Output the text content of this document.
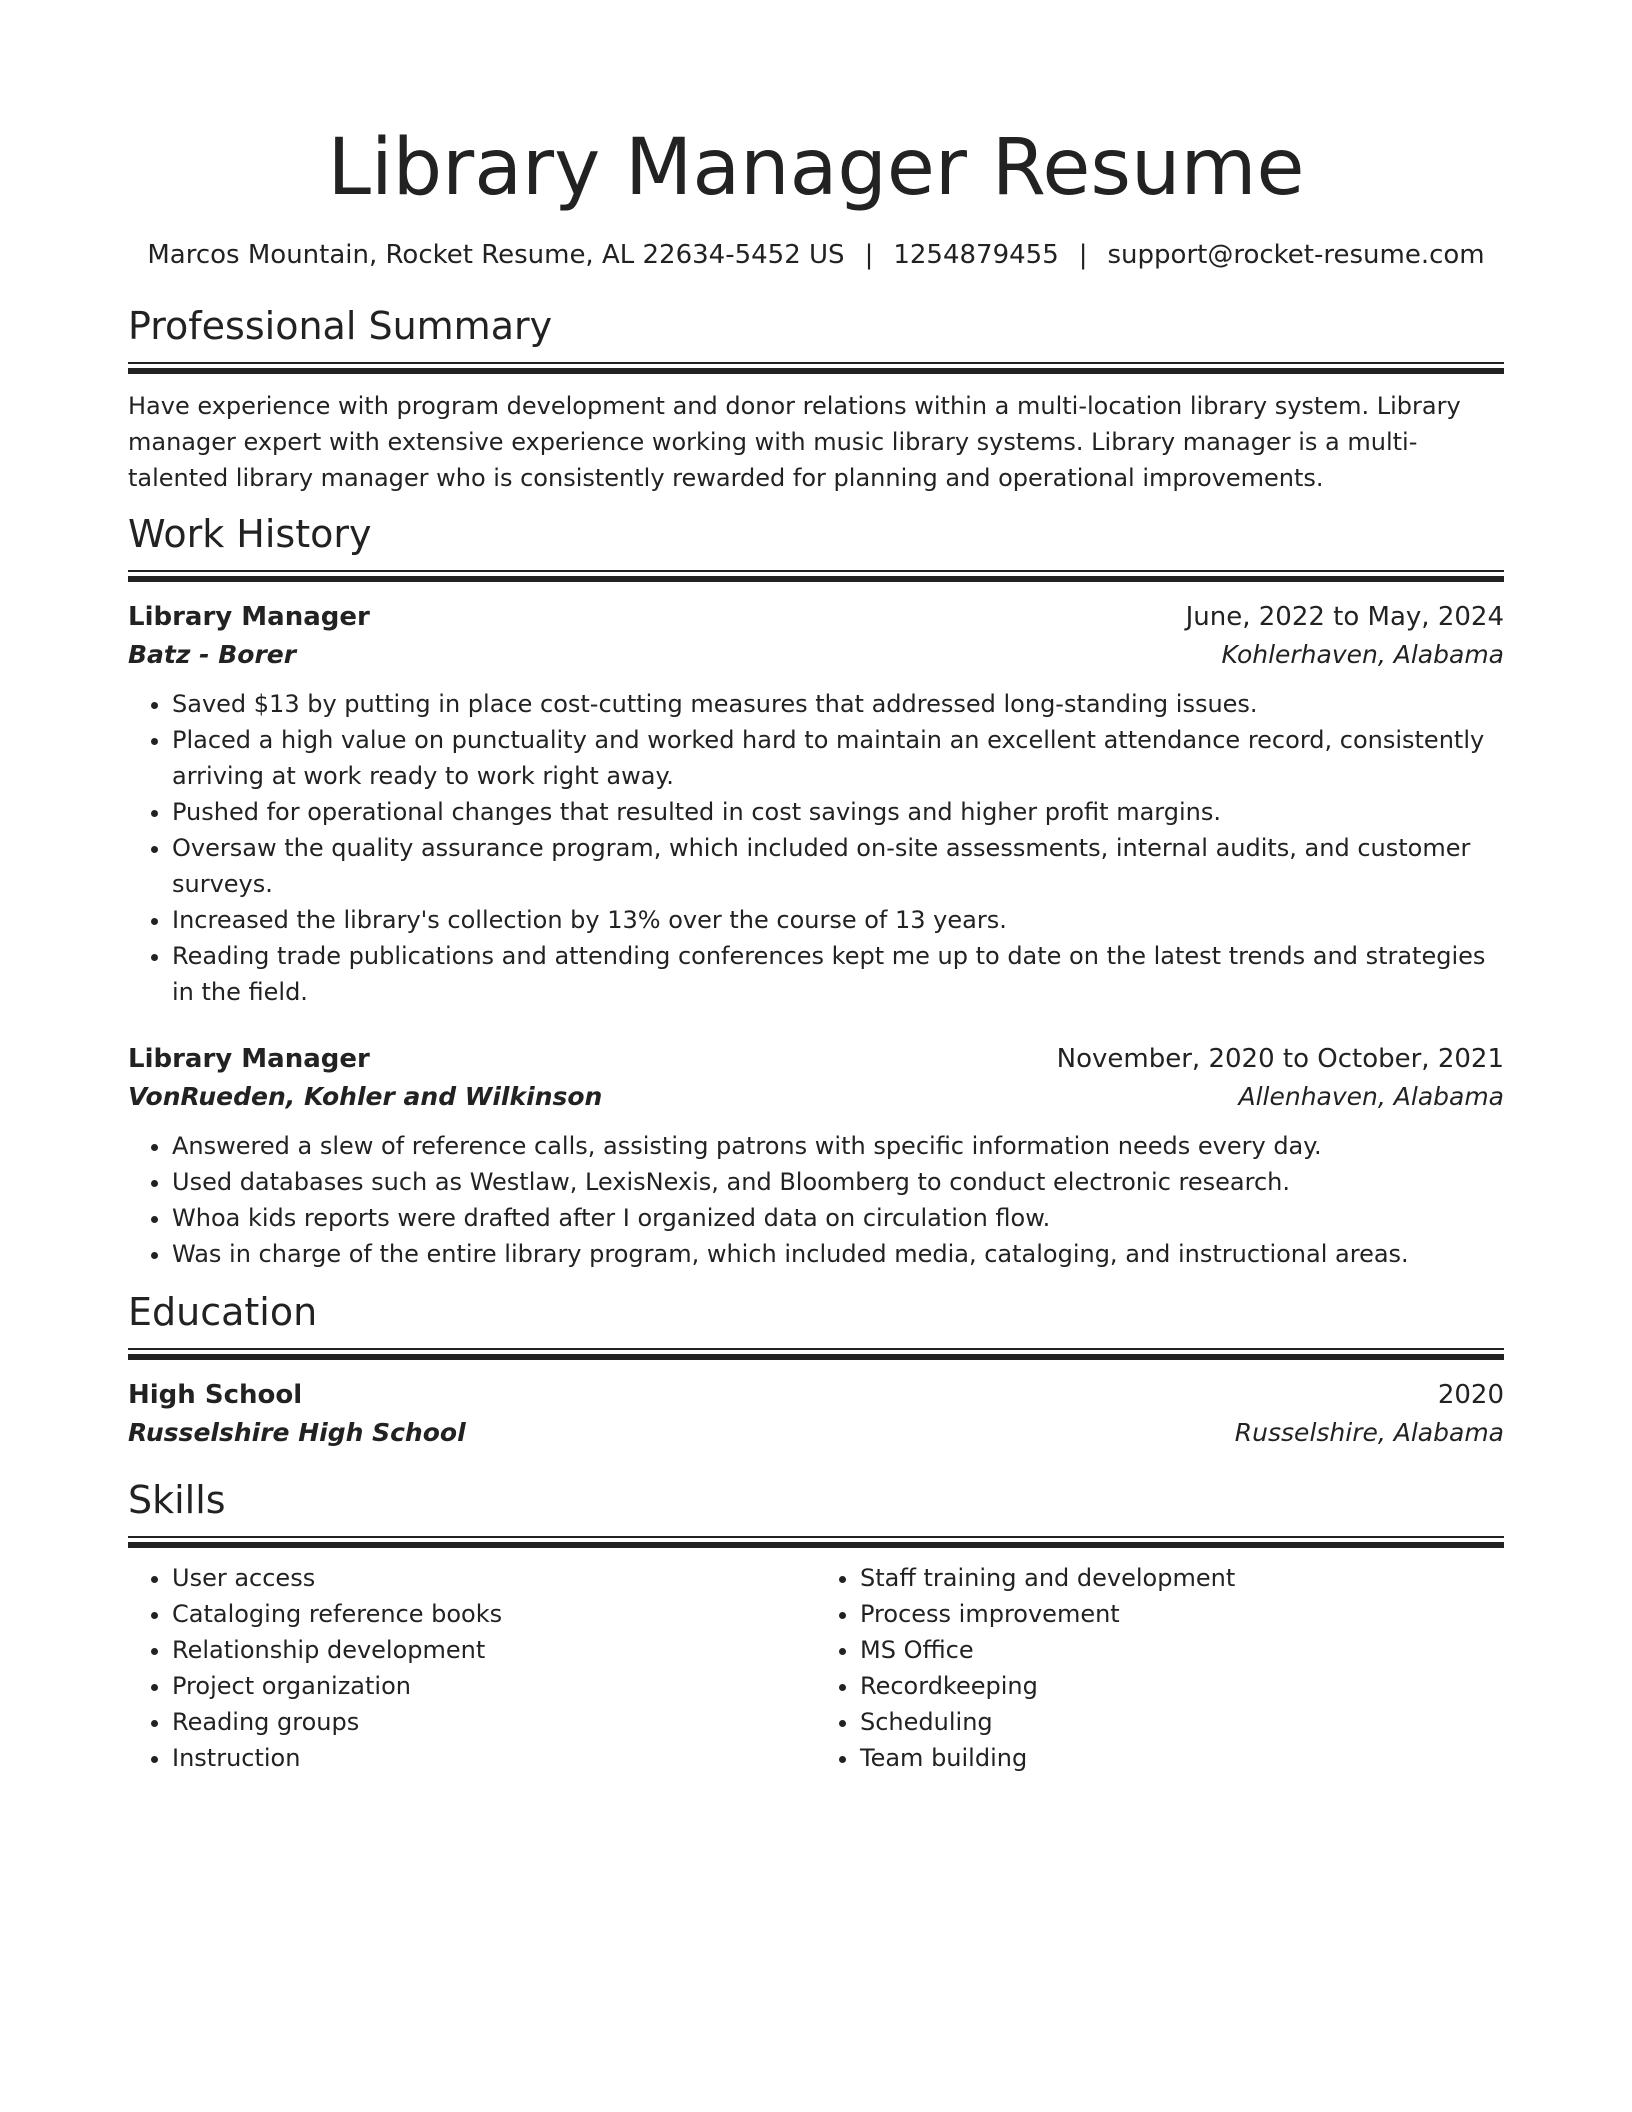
Library Manager Resume
Marcos Mountain, Rocket Resume, AL 22634-5452 US | 1254879455 | support@rocket-resume.com
Professional Summary
Have experience with program development and donor relations within a multi-location library system. Library manager expert with extensive experience working with music library systems. Library manager is a multi-talented library manager who is consistently rewarded for planning and operational improvements.
Work History
Library Manager	June, 2022 to May, 2024
Batz - Borer	Kohlerhaven, Alabama
• Saved $13 by putting in place cost-cutting measures that addressed long-standing issues.
• Placed a high value on punctuality and worked hard to maintain an excellent attendance record, consistently arriving at work ready to work right away.
• Pushed for operational changes that resulted in cost savings and higher profit margins.
• Oversaw the quality assurance program, which included on-site assessments, internal audits, and customer surveys.
• Increased the library's collection by 13% over the course of 13 years.
• Reading trade publications and attending conferences kept me up to date on the latest trends and strategies in the field.
Library Manager	November, 2020 to October, 2021
VonRueden, Kohler and Wilkinson	Allenhaven, Alabama
• Answered a slew of reference calls, assisting patrons with specific information needs every day.
• Used databases such as Westlaw, LexisNexis, and Bloomberg to conduct electronic research.
• Whoa kids reports were drafted after I organized data on circulation flow.
• Was in charge of the entire library program, which included media, cataloging, and instructional areas.
Education
High School	2020
Russelshire High School	Russelshire, Alabama
Skills
• User access
• Cataloging reference books
• Relationship development
• Project organization
• Reading groups
• Instruction
• Staff training and development
• Process improvement
• MS Office
• Recordkeeping
• Scheduling
• Team building
